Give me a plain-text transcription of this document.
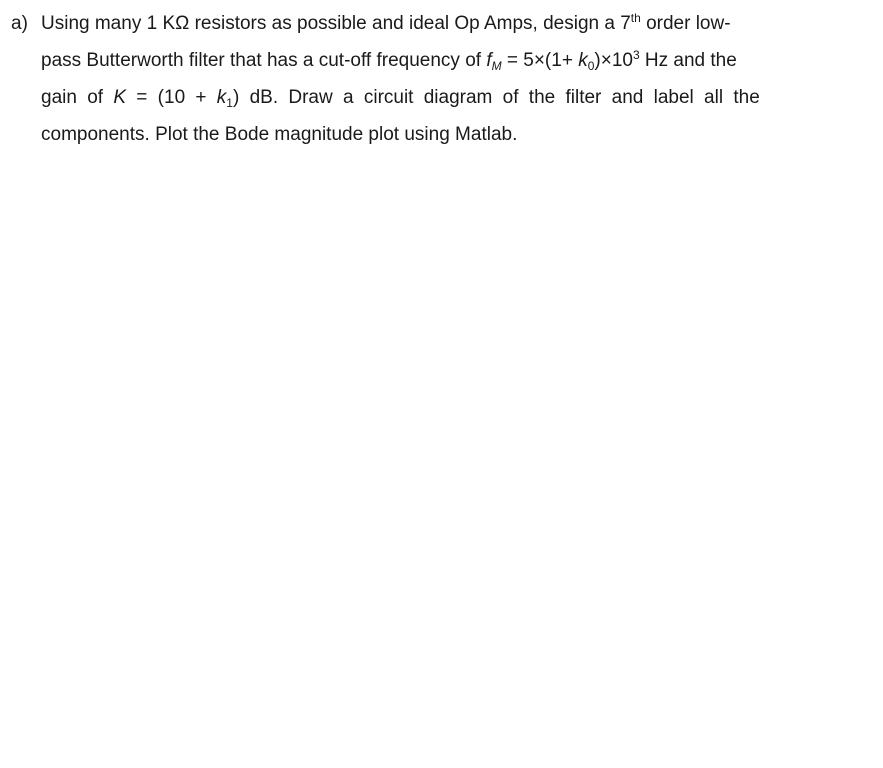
a) Using many 1 KΩ resistors as possible and ideal Op Amps, design a 7th order low-
pass Butterworth filter that has a cut-off frequency of $f_M = 5\times(1+ k_0)\times 10^3$ Hz and the
gain of $K = (10 + k_1)$ dB. Draw a circuit diagram of the filter and label all the
components. Plot the Bode magnitude plot using Matlab.
